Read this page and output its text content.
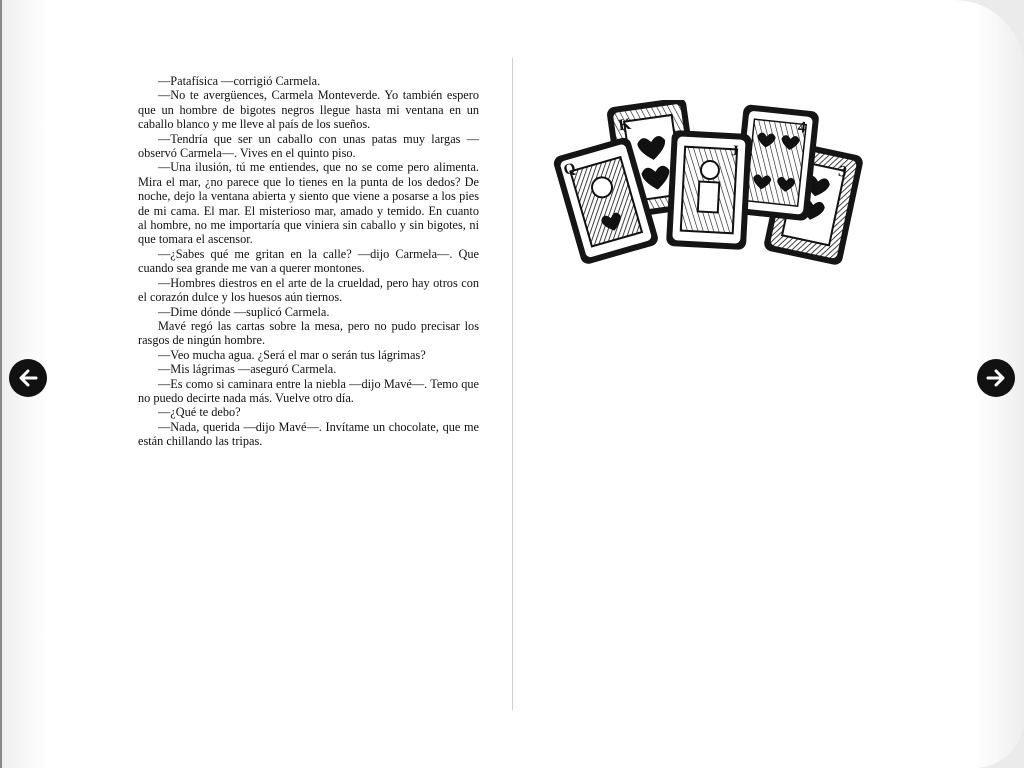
—Patafísica —corrigió Carmela.

—No te avergüences, Carmela Monteverde. Yo también espero que un hombre de bigotes negros llegue hasta mi ventana en un caballo blanco y me lleve al país de los sueños.

—Tendría que ser un caballo con unas patas muy largas —observó Carmela—. Vives en el quinto piso.

—Una ilusión, tú me entiendes, que no se come pero alimenta. Mira el mar, ¿no parece que lo tienes en la punta de los dedos? De noche, dejo la ventana abierta y siento que viene a posarse a los pies de mi cama. El mar. El misterioso mar, amado y temido. En cuanto al hombre, no me importaría que viniera sin caballo y sin bigotes, ni que tomara el ascensor.

—¿Sabes qué me gritan en la calle? —dijo Carmela—. Que cuando sea grande me van a querer montones.

—Hombres diestros en el arte de la crueldad, pero hay otros con el corazón dulce y los huesos aún tiernos.

—Dime dónde —suplicó Carmela.

Mavé regó las cartas sobre la mesa, pero no pudo precisar los rasgos de ningún hombre.

—Veo mucha agua. ¿Será el mar o serán tus lágrimas?

—Mis lágrimas —aseguró Carmela.

—Es como si caminara entre la niebla —dijo Mavé—. Temo que no puedo decirte nada más. Vuelve otro día.

—¿Qué te debo?

—Nada, querida —dijo Mavé—. Invítame un chocolate, que me están chillando las tripas.

K
3
4
Q
J
